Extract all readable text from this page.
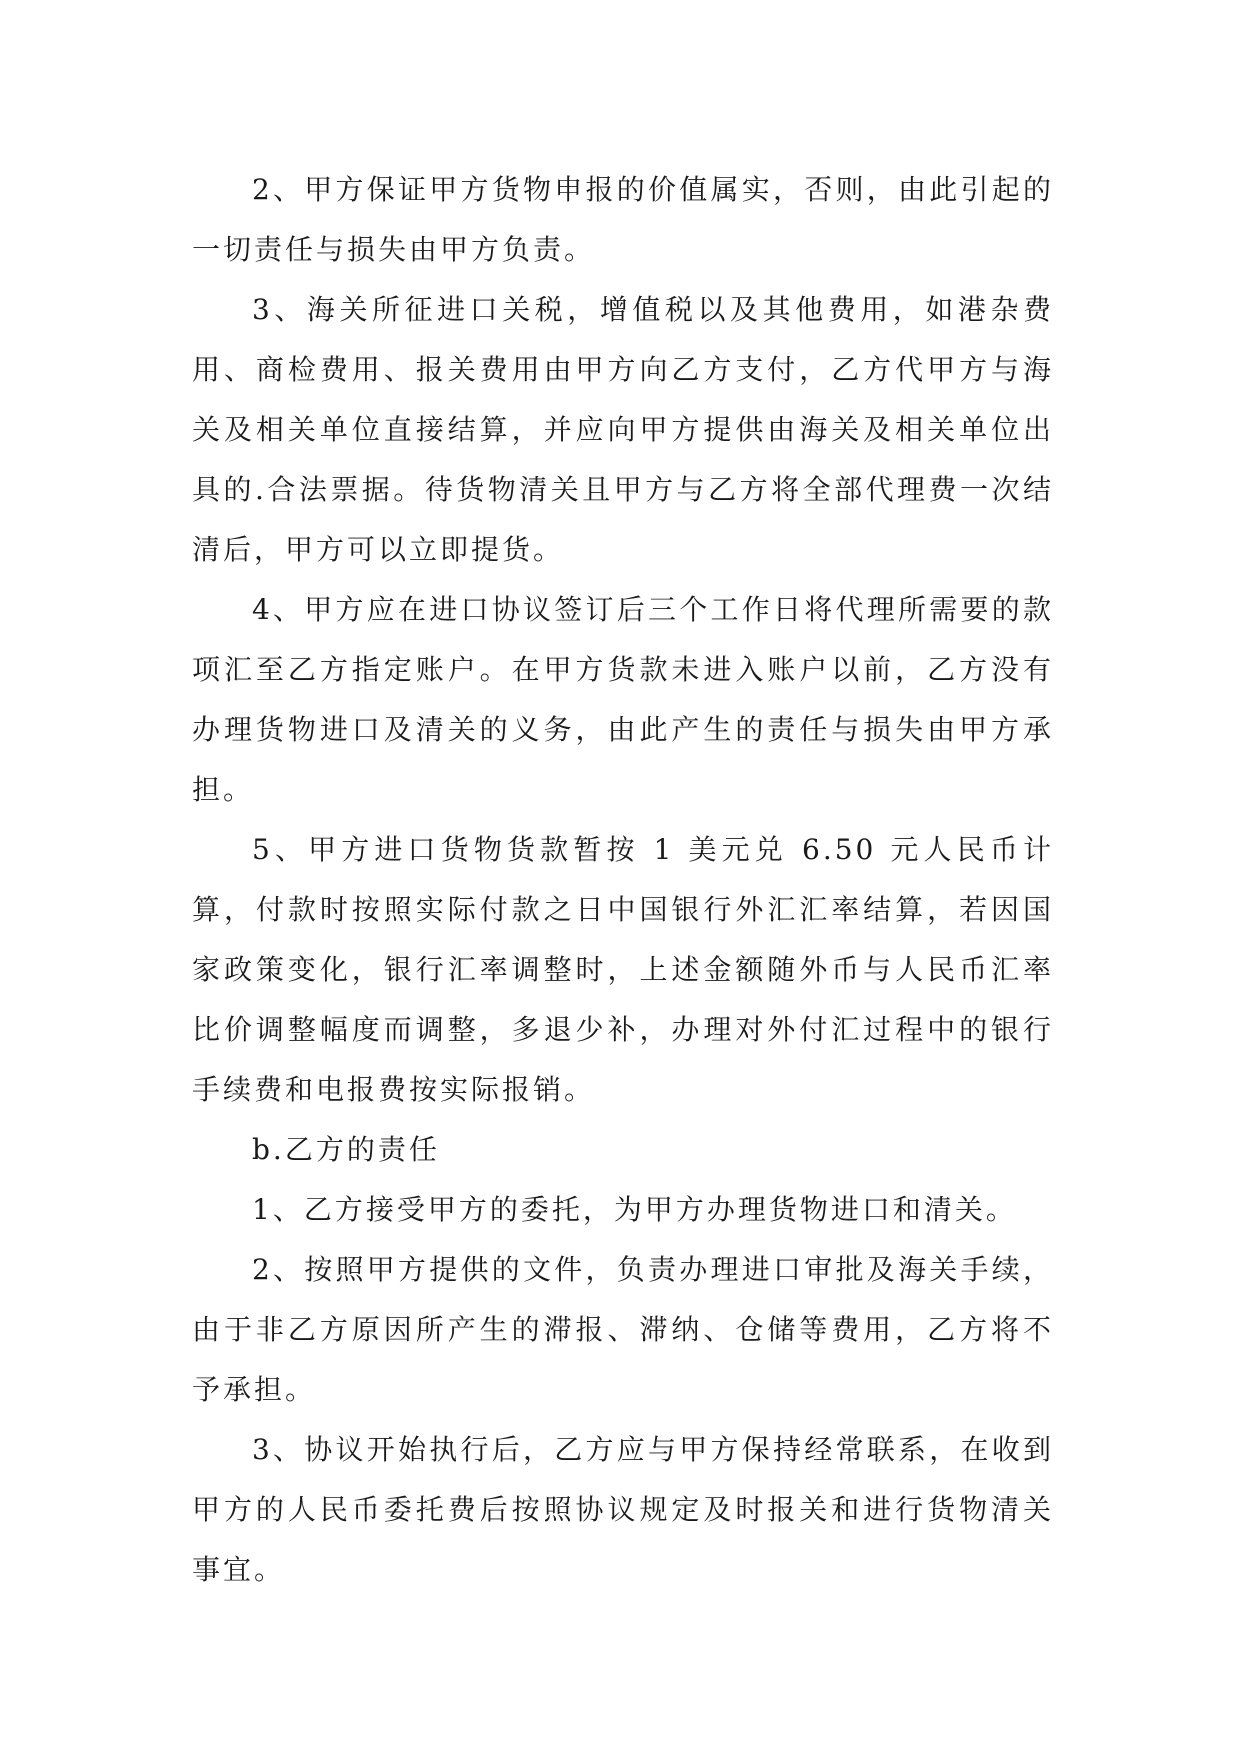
2、甲方保证甲方货物申报的价值属实，否则，由此引起的一切责任与损失由甲方负责。

3、海关所征进口关税，增值税以及其他费用，如港杂费用、商检费用、报关费用由甲方向乙方支付，乙方代甲方与海关及相关单位直接结算，并应向甲方提供由海关及相关单位出具的.合法票据。待货物清关且甲方与乙方将全部代理费一次结清后，甲方可以立即提货。

4、甲方应在进口协议签订后三个工作日将代理所需要的款项汇至乙方指定账户。在甲方货款未进入账户以前，乙方没有办理货物进口及清关的义务，由此产生的责任与损失由甲方承担。

5、甲方进口货物货款暂按 1 美元兑 6.50 元人民币计算，付款时按照实际付款之日中国银行外汇汇率结算，若因国家政策变化，银行汇率调整时，上述金额随外币与人民币汇率比价调整幅度而调整，多退少补，办理对外付汇过程中的银行手续费和电报费按实际报销。

b.乙方的责任

1、乙方接受甲方的委托，为甲方办理货物进口和清关。

2、按照甲方提供的文件，负责办理进口审批及海关手续，由于非乙方原因所产生的滞报、滞纳、仓储等费用，乙方将不予承担。

3、协议开始执行后，乙方应与甲方保持经常联系，在收到甲方的人民币委托费后按照协议规定及时报关和进行货物清关事宜。
